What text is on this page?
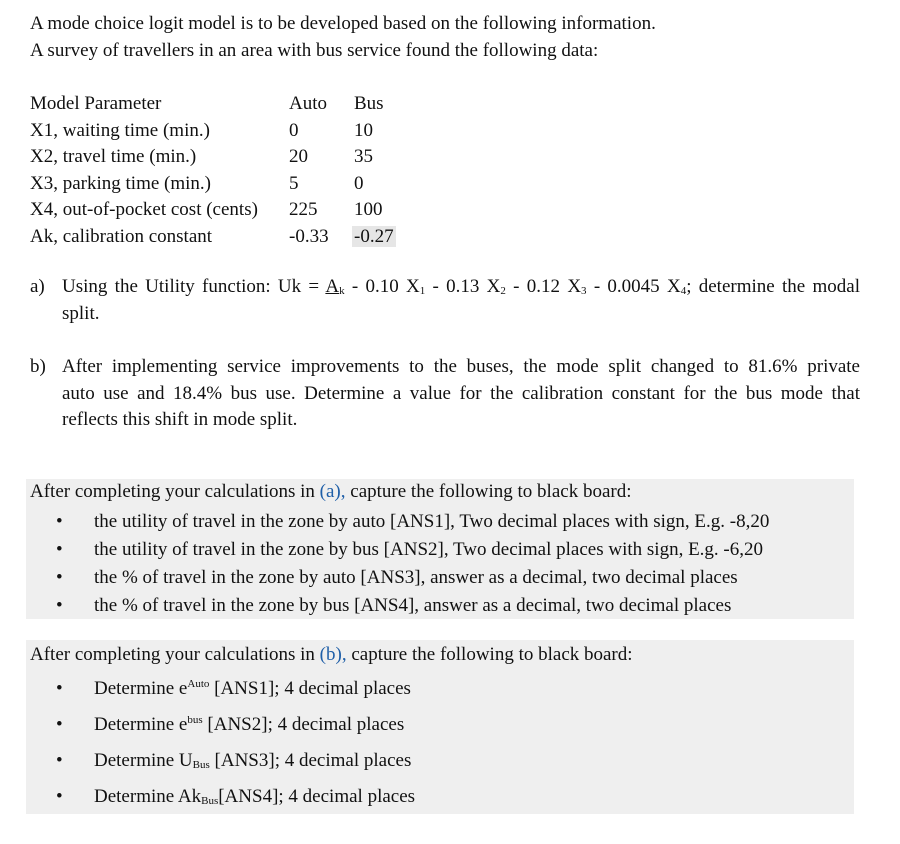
A mode choice logit model is to be developed based on the following information.
A survey of travellers in an area with bus service found the following data:
Model Parameter	Auto	Bus
X1, waiting time (min.)	0	10
X2, travel time (min.)	20	35
X3, parking time (min.)	5	0
X4, out-of-pocket cost (cents)	225	100
Ak, calibration constant	-0.33	-0.27
a) Using the Utility function: $Uk = A_k - 0.10$ $X_1 - 0.13$ $X_2 - 0.12$ $X_3 - 0.0045$ $X_4$; determine the modal
split.
b) After implementing service improvements to the buses, the mode split changed to 81.6% private
auto use and 18.4% bus use. Determine a value for the calibration constant for the bus mode that
reflects this shift in mode split.
After completing your calculations in (a), capture the following to black board:
• the utility of travel in the zone by auto [ANS1], Two decimal places with sign, E.g. -8,20
• the utility of travel in the zone by bus [ANS2], Two decimal places with sign, E.g. -6,20
• the % of travel in the zone by auto [ANS3], answer as a decimal, two decimal places
• the % of travel in the zone by bus [ANS4], answer as a decimal, two decimal places
After completing your calculations in (b), capture the following to black board:
• Determine $e^{Auto}$ [ANS1]; 4 decimal places
• Determine $e^{bus}$ [ANS2]; 4 decimal places
• Determine $U_{Bus}$ [ANS3]; 4 decimal places
• Determine $Ak_{Bus}[ANS4]$; 4 decimal places
